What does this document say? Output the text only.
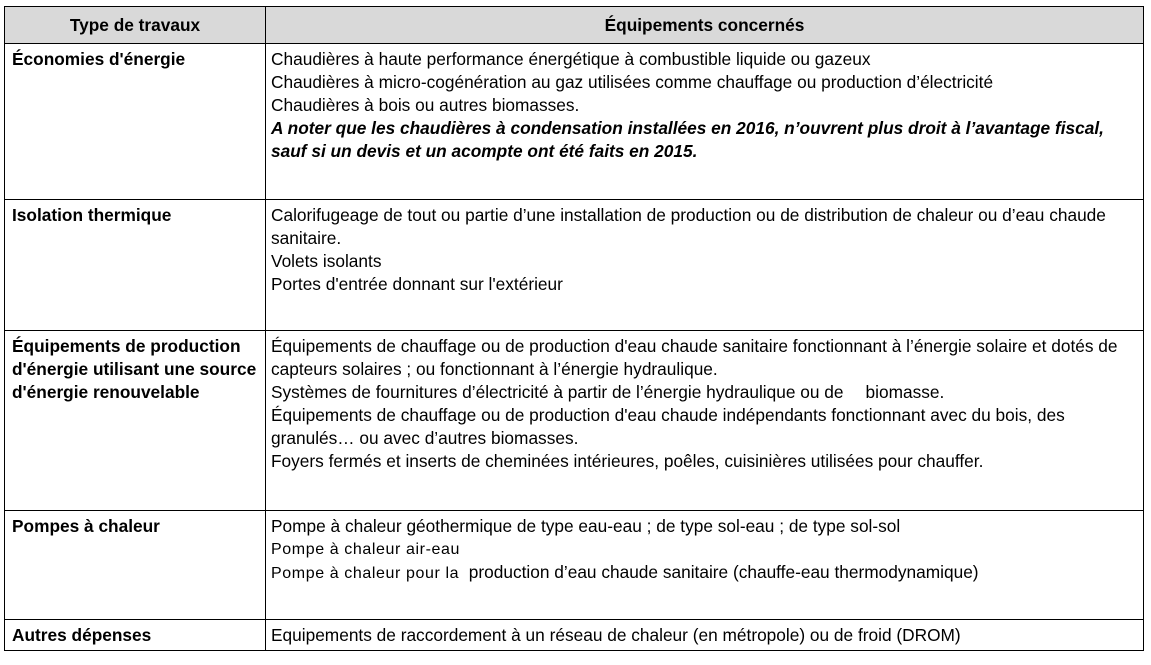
Type de travaux	Équipements concernés
Économies d'énergie	Chaudières à haute performance énergétique à combustible liquide ou gazeux
Chaudières à micro-cogénération au gaz utilisées comme chauffage ou production d’électricité
Chaudières à bois ou autres biomasses.
A noter que les chaudières à condensation installées en 2016, n’ouvrent plus droit à l’avantage fiscal, sauf si un devis et un acompte ont été faits en 2015.

Isolation thermique	Calorifugeage de tout ou partie d’une installation de production ou de distribution de chaleur ou d’eau chaude sanitaire.
Volets isolants
Portes d'entrée donnant sur l'extérieur

Équipements de production d'énergie utilisant une source d'énergie renouvelable	Équipements de chauffage ou de production d'eau chaude sanitaire fonctionnant à l’énergie solaire et dotés de capteurs solaires ; ou fonctionnant à l’énergie hydraulique.
Systèmes de fournitures d’électricité à partir de l’énergie hydraulique ou de biomasse.
Équipements de chauffage ou de production d'eau chaude indépendants fonctionnant avec du bois, des granulés… ou avec d’autres biomasses.
Foyers fermés et inserts de cheminées intérieures, poêles, cuisinières utilisées pour chauffer.

Pompes à chaleur	Pompe à chaleur géothermique de type eau-eau ; de type sol-eau ; de type sol-sol
Pompe à chaleur air-eau
Pompe à chaleur pour la production d’eau chaude sanitaire (chauffe-eau thermodynamique)

Autres dépenses	Equipements de raccordement à un réseau de chaleur (en métropole) ou de froid (DROM)
